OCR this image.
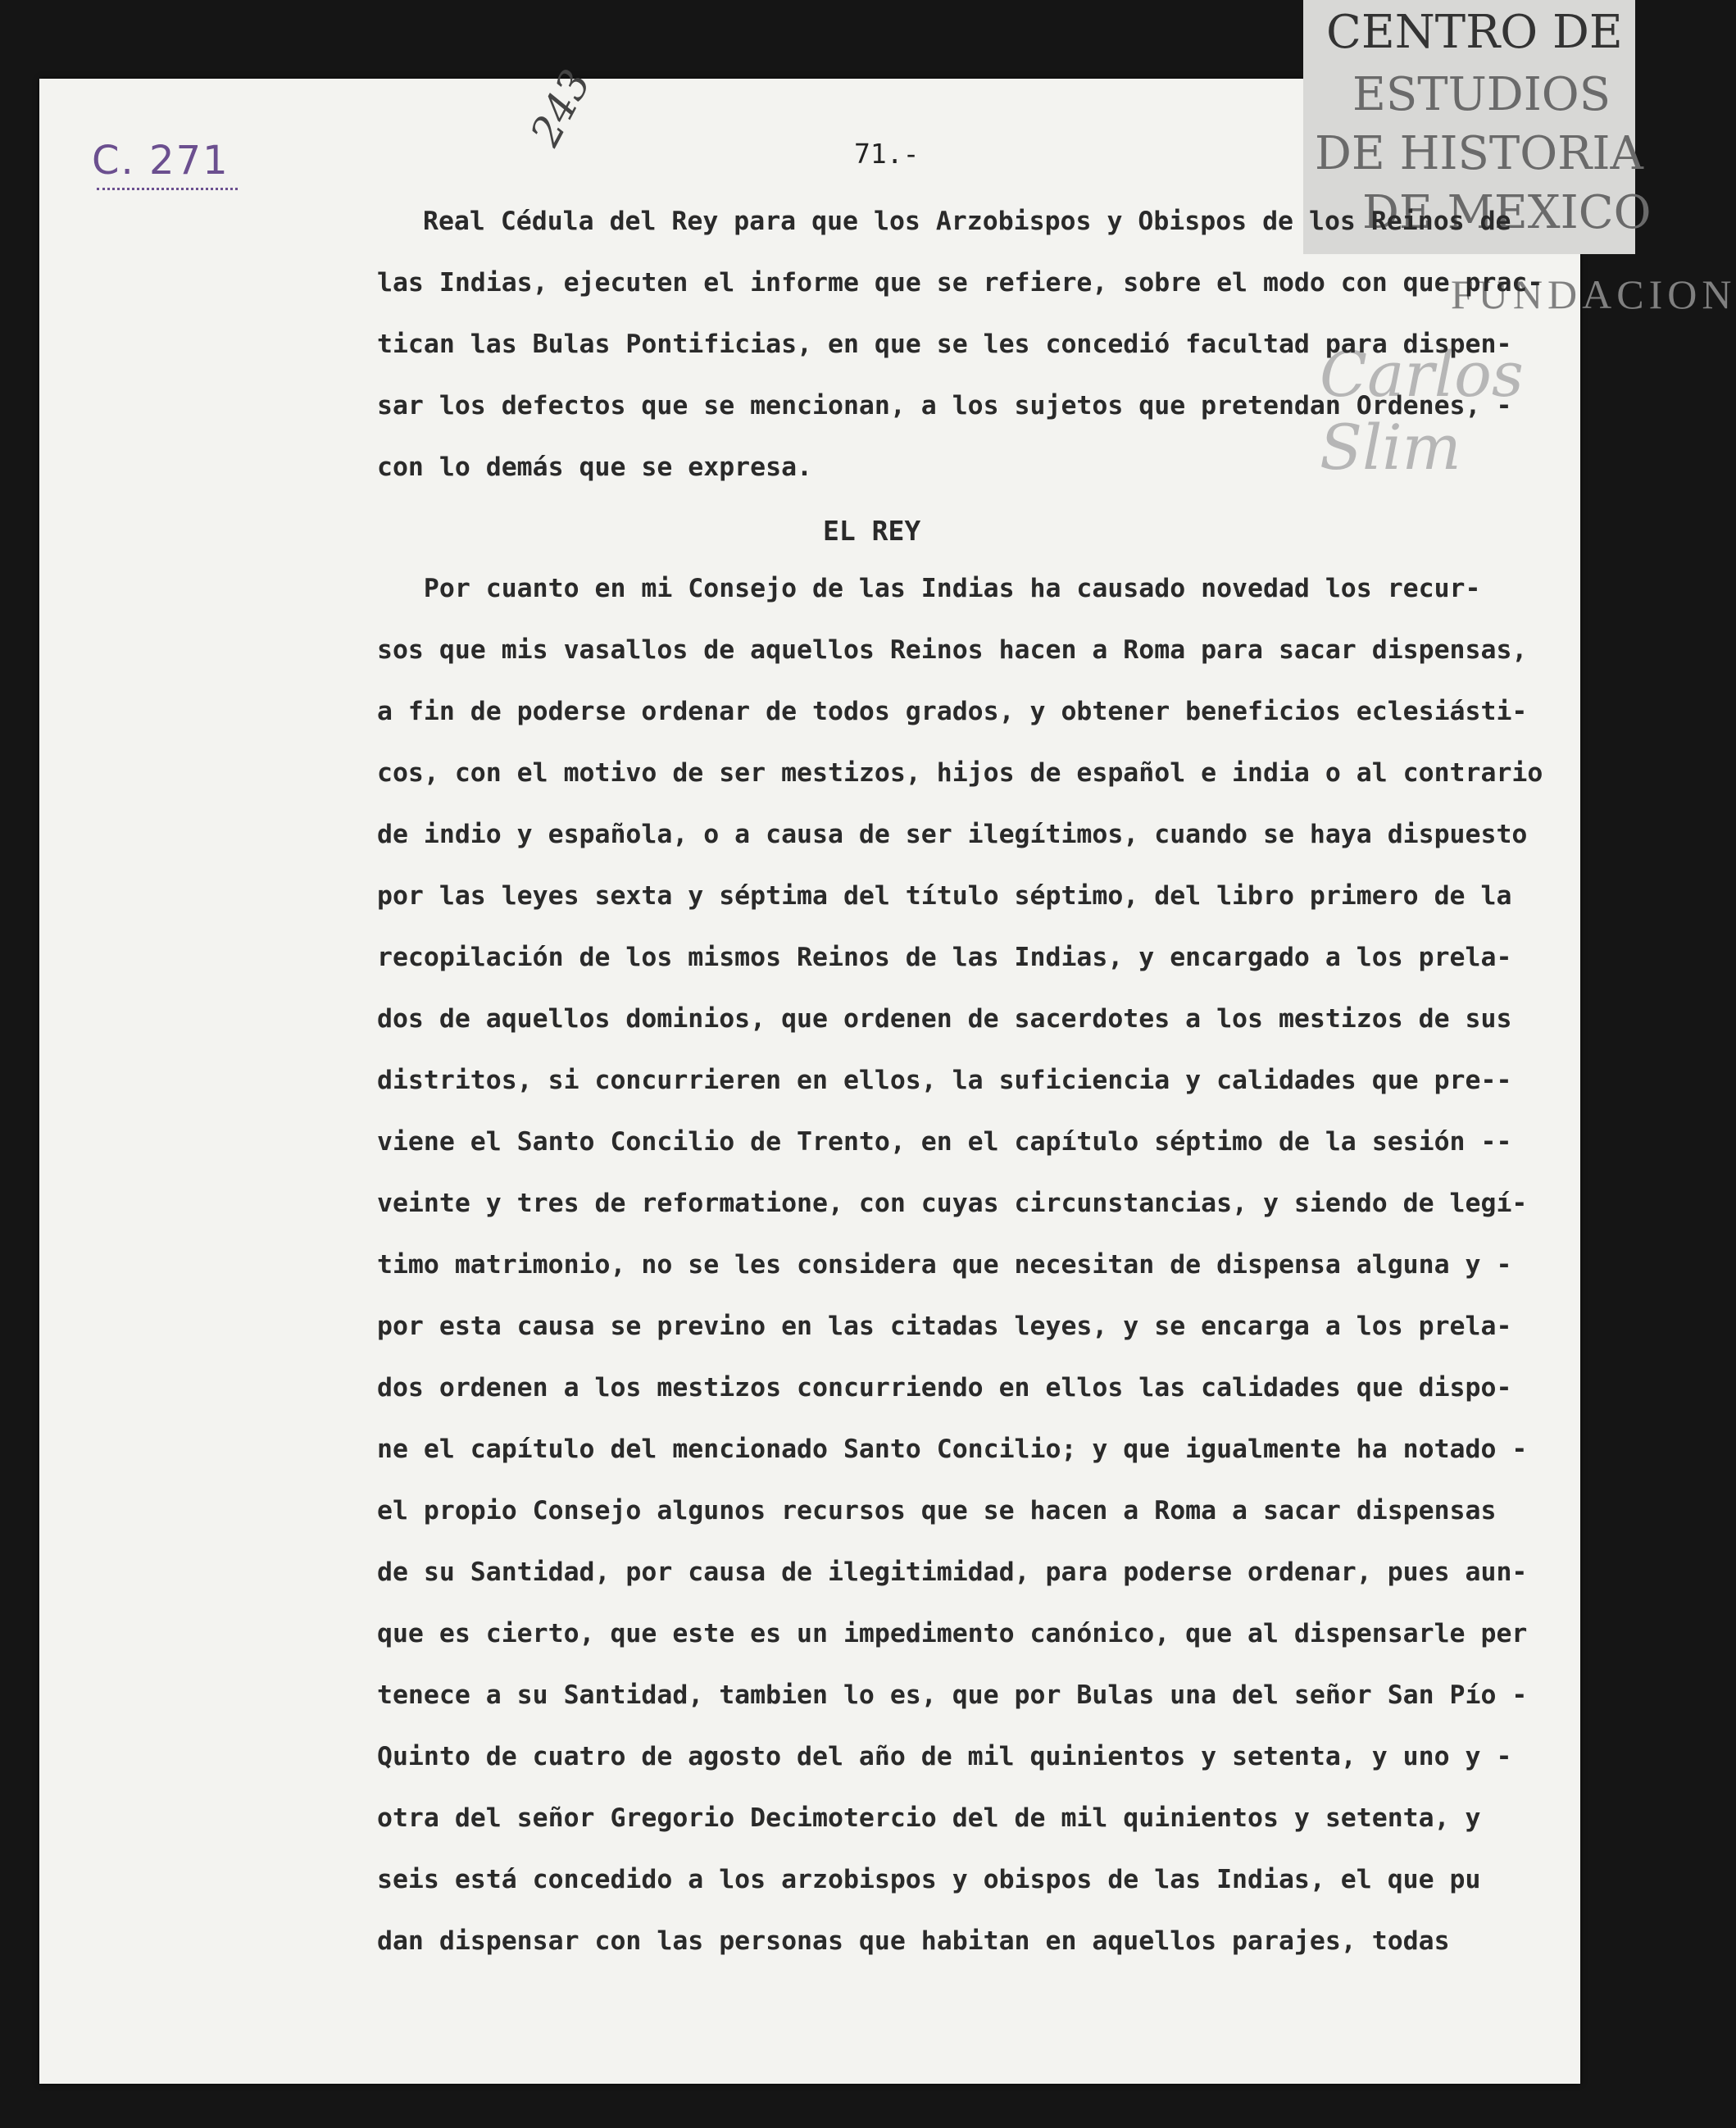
CENTRO DE
ESTUDIOS
DE HISTORIA
DE MEXICO
FUNDACION
Carlos Slim
C. 271
243
71.-
Real Cédula del Rey para que los Arzobispos y Obispos de los Reinos de
las Indias, ejecuten el informe que se refiere, sobre el modo con que prac-
tican las Bulas Pontificias, en que se les concedió facultad para dispen-
sar los defectos que se mencionan, a los sujetos que pretendan Ordenes, -
con lo demás que se expresa.
EL REY
Por cuanto en mi Consejo de las Indias ha causado novedad los recur-
sos que mis vasallos de aquellos Reinos hacen a Roma para sacar dispensas,
a fin de poderse ordenar de todos grados, y obtener beneficios eclesiásti-
cos, con el motivo de ser mestizos, hijos de español e india o al contrario
de indio y española, o a causa de ser ilegítimos, cuando se haya dispuesto
por las leyes sexta y séptima del título séptimo, del libro primero de la
recopilación de los mismos Reinos de las Indias, y encargado a los prela-
dos de aquellos dominios, que ordenen de sacerdotes a los mestizos de sus
distritos, si concurrieren en ellos, la suficiencia y calidades que pre--
viene el Santo Concilio de Trento, en el capítulo séptimo de la sesión --
veinte y tres de reformatione, con cuyas circunstancias, y siendo de legí-
timo matrimonio, no se les considera que necesitan de dispensa alguna y -
por esta causa se previno en las citadas leyes, y se encarga a los prela-
dos ordenen a los mestizos concurriendo en ellos las calidades que dispo-
ne el capítulo del mencionado Santo Concilio; y que igualmente ha notado -
el propio Consejo algunos recursos que se hacen a Roma a sacar dispensas
de su Santidad, por causa de ilegitimidad, para poderse ordenar, pues aun-
que es cierto, que este es un impedimento canónico, que al dispensarle per
tenece a su Santidad, tambien lo es, que por Bulas una del señor San Pío -
Quinto de cuatro de agosto del año de mil quinientos y setenta, y uno y -
otra del señor Gregorio Decimotercio del de mil quinientos y setenta, y
seis está concedido a los arzobispos y obispos de las Indias, el que pu
dan dispensar con las personas que habitan en aquellos parajes, todas
